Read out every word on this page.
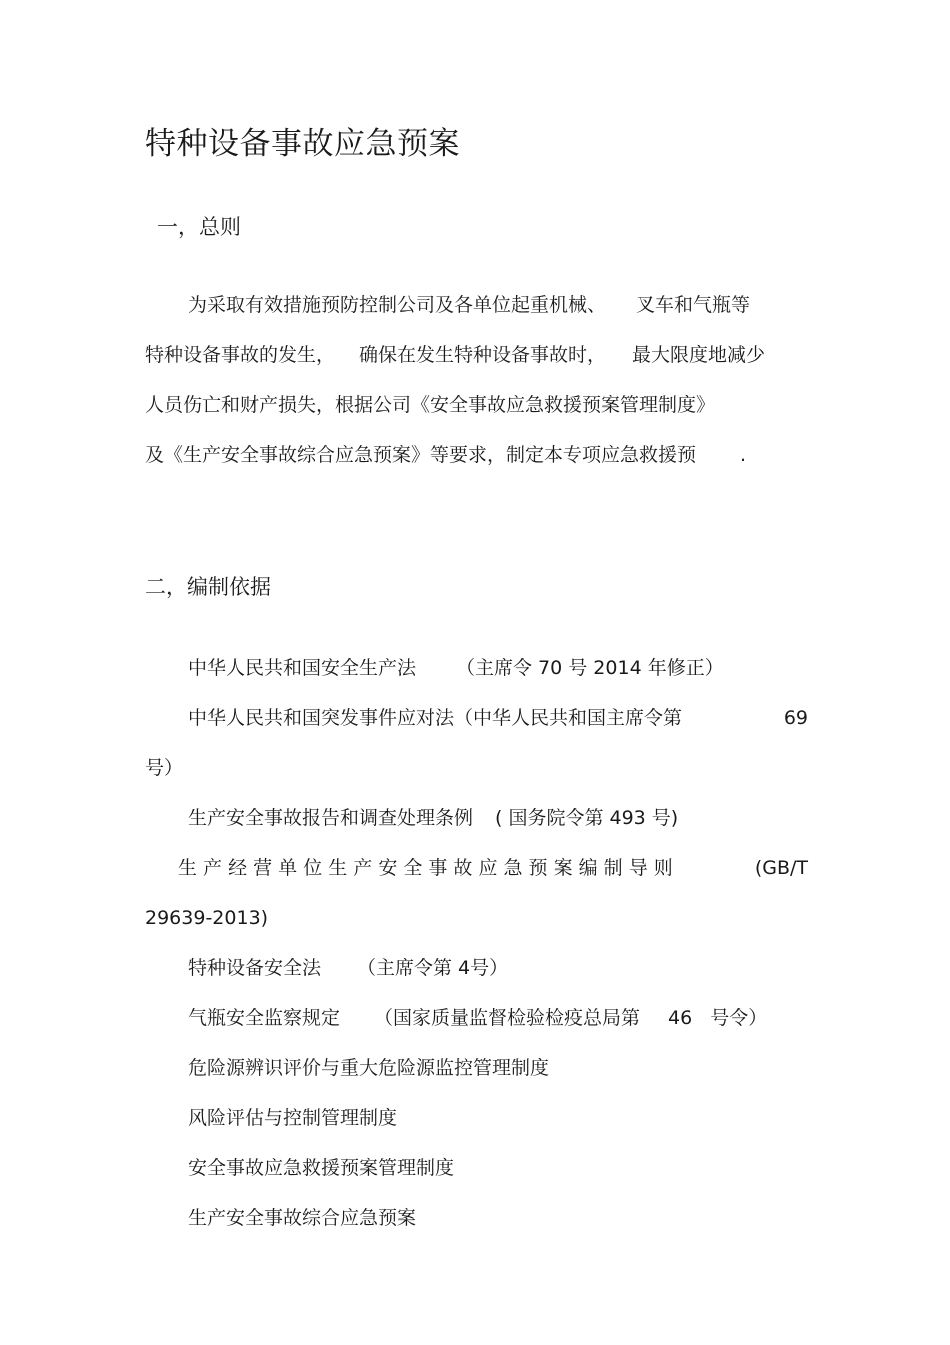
特种设备事故应急预案
一，总则
为采取有效措施预防控制公司及各单位起重机械、 叉车和气瓶等
特种设备事故的发生， 确保在发生特种设备事故时， 最大限度地减少
人员伤亡和财产损失，根据公司《安全事故应急救援预案管理制度》
及《生产安全事故综合应急预案》等要求，制定本专项应急救援预 .
二，编制依据
中华人民共和国安全生产法 （主席令 70 号 2014 年修正）
中华人民共和国突发事件应对法（中华人民共和国主席令第	69
号）
生产安全事故报告和调查处理条例 ( 国务院令第 493 号)
生 产 经 营 单 位 生 产 安 全 事 故 应 急 预 案 编 制 导 则	(GB/T
29639-2013)
特种设备安全法 （主席令第 4号）
气瓶安全监察规定 （国家质量监督检验检疫总局第 46 号令）
危险源辨识评价与重大危险源监控管理制度
风险评估与控制管理制度
安全事故应急救援预案管理制度
生产安全事故综合应急预案
